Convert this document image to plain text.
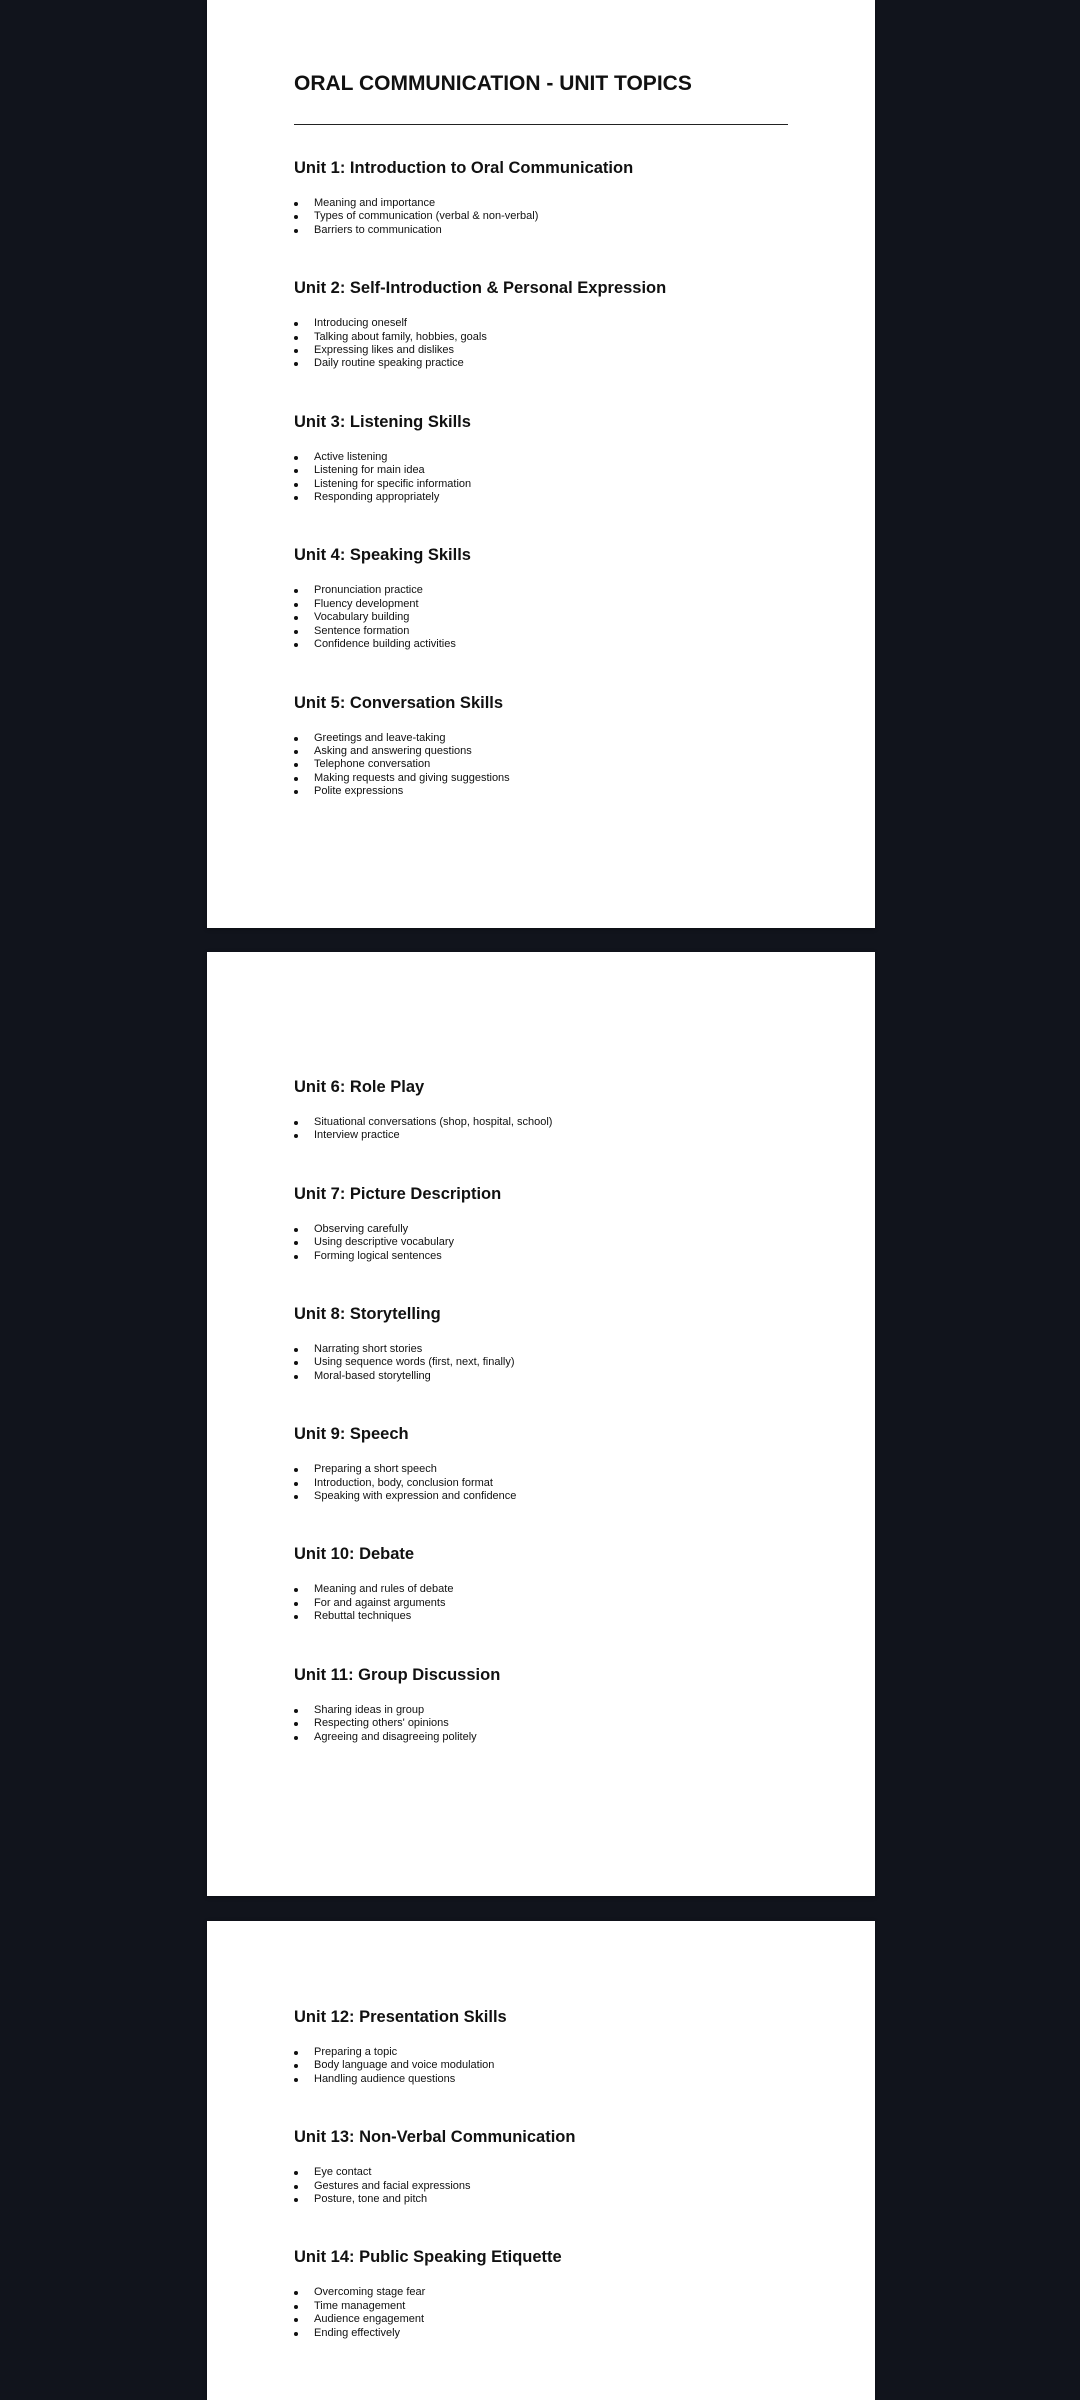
ORAL COMMUNICATION - UNIT TOPICS
Unit 1: Introduction to Oral Communication
Meaning and importance
Types of communication (verbal & non-verbal)
Barriers to communication
Unit 2: Self-Introduction & Personal Expression
Introducing oneself
Talking about family, hobbies, goals
Expressing likes and dislikes
Daily routine speaking practice
Unit 3: Listening Skills
Active listening
Listening for main idea
Listening for specific information
Responding appropriately
Unit 4: Speaking Skills
Pronunciation practice
Fluency development
Vocabulary building
Sentence formation
Confidence building activities
Unit 5: Conversation Skills
Greetings and leave-taking
Asking and answering questions
Telephone conversation
Making requests and giving suggestions
Polite expressions
Unit 6: Role Play
Situational conversations (shop, hospital, school)
Interview practice
Unit 7: Picture Description
Observing carefully
Using descriptive vocabulary
Forming logical sentences
Unit 8: Storytelling
Narrating short stories
Using sequence words (first, next, finally)
Moral-based storytelling
Unit 9: Speech
Preparing a short speech
Introduction, body, conclusion format
Speaking with expression and confidence
Unit 10: Debate
Meaning and rules of debate
For and against arguments
Rebuttal techniques
Unit 11: Group Discussion
Sharing ideas in group
Respecting others' opinions
Agreeing and disagreeing politely
Unit 12: Presentation Skills
Preparing a topic
Body language and voice modulation
Handling audience questions
Unit 13: Non-Verbal Communication
Eye contact
Gestures and facial expressions
Posture, tone and pitch
Unit 14: Public Speaking Etiquette
Overcoming stage fear
Time management
Audience engagement
Ending effectively
